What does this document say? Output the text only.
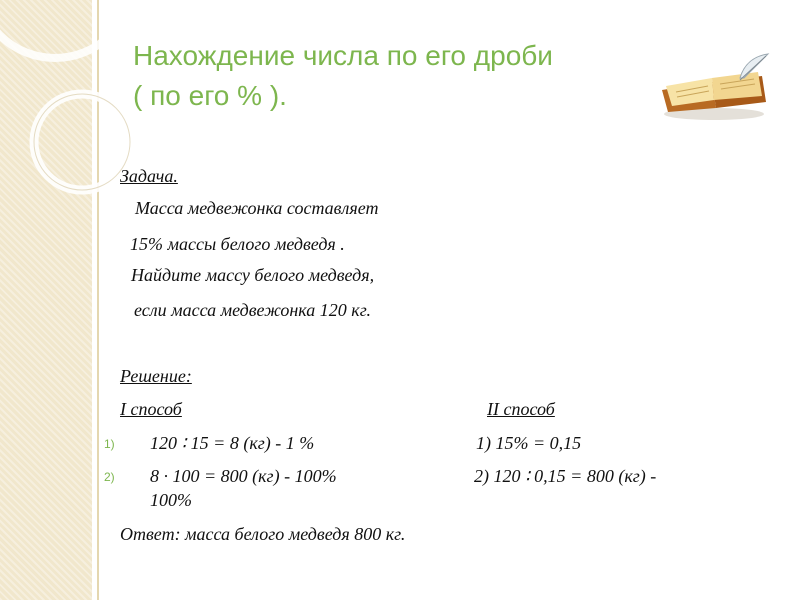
Нахождение числа по его дроби
( по его % ).
Задача.
Масса медвежонка составляет
15% массы белого медведя .
Найдите массу белого медведя,
если масса медвежонка 120 кг.
Решение:
I способ	II способ
1) 120 ∶ 15 = 8 (кг) - 1 %	1) 15% = 0,15
2) 8 ∙ 100 = 800 (кг) - 100%	2) 120 ∶ 0,15 = 800 (кг) -
100%
Ответ: масса белого медведя 800 кг.
